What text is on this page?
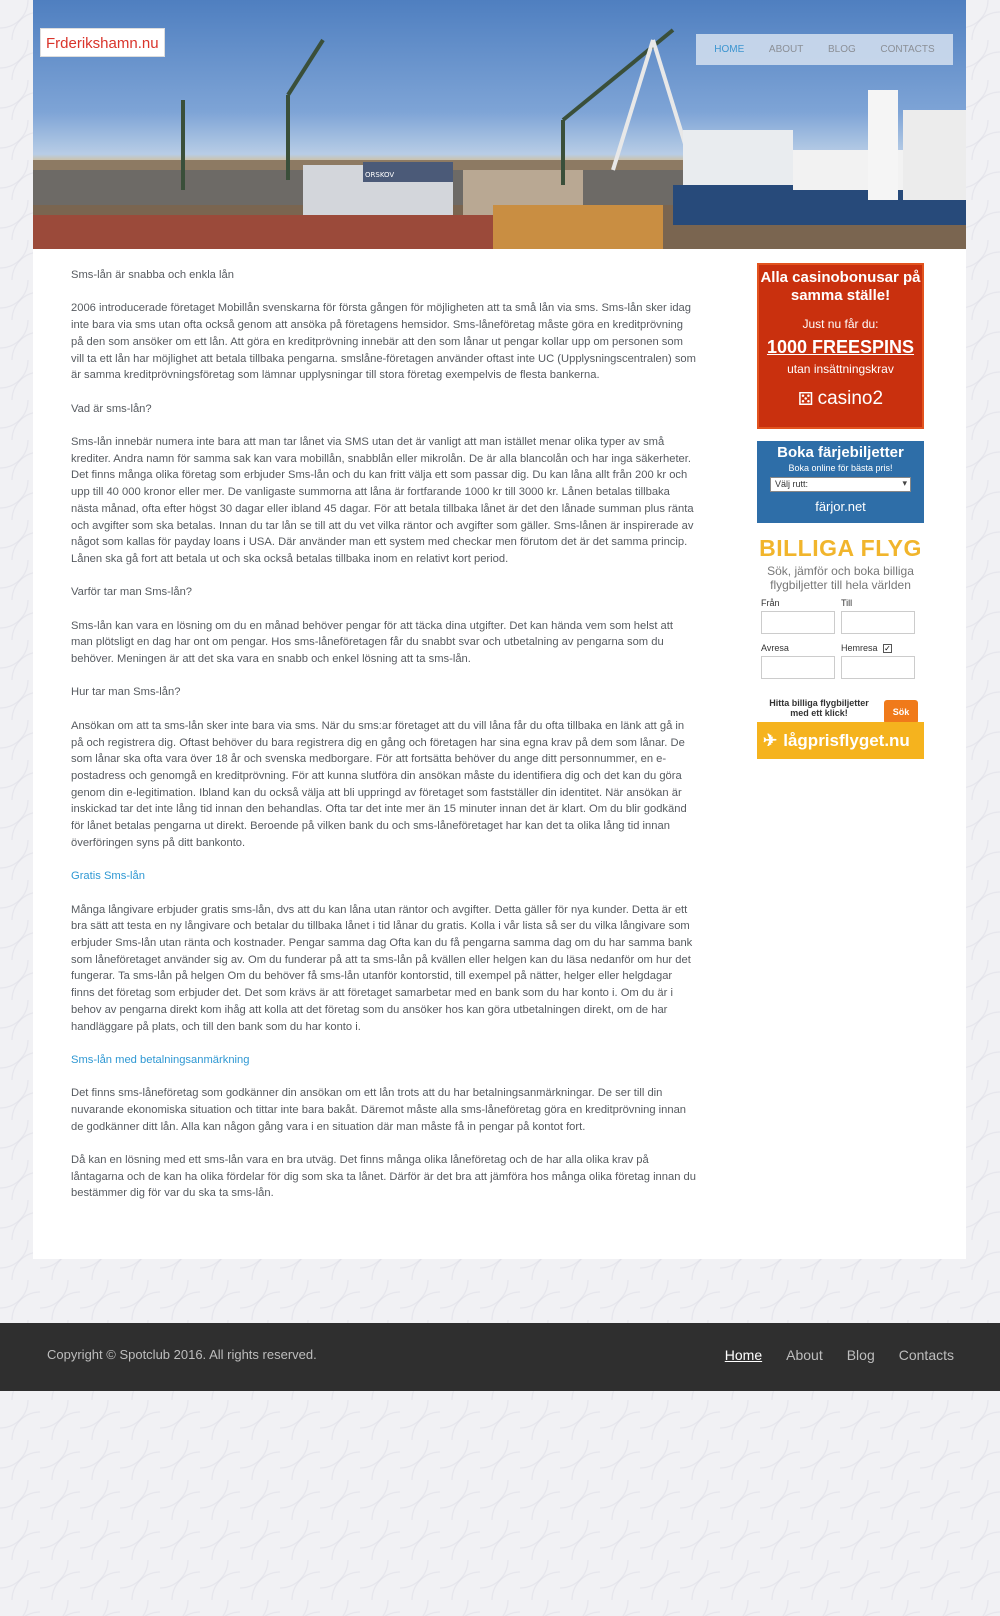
ORSKOV
Frderikshamn.nu	HOME ABOUT BLOG CONTACTS

Sms-lån är snabba och enkla lån

2006 introducerade företaget Mobillån svenskarna för första gången för möjligheten att ta små lån via sms. Sms-lån sker idag inte bara via sms utan ofta också genom att ansöka på företagens hemsidor. Sms-låneföretag måste göra en kreditprövning på den som ansöker om ett lån. Att göra en kreditprövning innebär att den som lånar ut pengar kollar upp om personen som vill ta ett lån har möjlighet att betala tillbaka pengarna. smslåne-företagen använder oftast inte UC (Upplysningscentralen) som är samma kreditprövningsföretag som lämnar upplysningar till stora företag exempelvis de flesta bankerna.

Vad är sms-lån?

Sms-lån innebär numera inte bara att man tar lånet via SMS utan det är vanligt att man istället menar olika typer av små krediter. Andra namn för samma sak kan vara mobillån, snabblån eller mikrolån. De är alla blancolån och har inga säkerheter. Det finns många olika företag som erbjuder Sms-lån och du kan fritt välja ett som passar dig. Du kan låna allt från 200 kr och upp till 40 000 kronor eller mer. De vanligaste summorna att låna är fortfarande 1000 kr till 3000 kr. Lånen betalas tillbaka nästa månad, ofta efter högst 30 dagar eller ibland 45 dagar. För att betala tillbaka lånet är det den lånade summan plus ränta och avgifter som ska betalas. Innan du tar lån se till att du vet vilka räntor och avgifter som gäller. Sms-lånen är inspirerade av något som kallas för payday loans i USA. Där använder man ett system med checkar men förutom det är det samma princip. Lånen ska gå fort att betala ut och ska också betalas tillbaka inom en relativt kort period.

Varför tar man Sms-lån?

Sms-lån kan vara en lösning om du en månad behöver pengar för att täcka dina utgifter. Det kan hända vem som helst att man plötsligt en dag har ont om pengar. Hos sms-låneföretagen får du snabbt svar och utbetalning av pengarna som du behöver. Meningen är att det ska vara en snabb och enkel lösning att ta sms-lån.

Hur tar man Sms-lån?

Ansökan om att ta sms-lån sker inte bara via sms. När du sms:ar företaget att du vill låna får du ofta tillbaka en länk att gå in på och registrera dig. Oftast behöver du bara registrera dig en gång och företagen har sina egna krav på dem som lånar. De som lånar ska ofta vara över 18 år och svenska medborgare. För att fortsätta behöver du ange ditt personnummer, en e-postadress och genomgå en kreditprövning. För att kunna slutföra din ansökan måste du identifiera dig och det kan du göra genom din e-legitimation. Ibland kan du också välja att bli uppringd av företaget som fastställer din identitet. När ansökan är inskickad tar det inte lång tid innan den behandlas. Ofta tar det inte mer än 15 minuter innan det är klart. Om du blir godkänd för lånet betalas pengarna ut direkt. Beroende på vilken bank du och sms-låneföretaget har kan det ta olika lång tid innan överföringen syns på ditt bankonto.

Gratis Sms-lån

Många långivare erbjuder gratis sms-lån, dvs att du kan låna utan räntor och avgifter. Detta gäller för nya kunder. Detta är ett bra sätt att testa en ny långivare och betalar du tillbaka lånet i tid lånar du gratis. Kolla i vår lista så ser du vilka långivare som erbjuder Sms-lån utan ränta och kostnader. Pengar samma dag Ofta kan du få pengarna samma dag om du har samma bank som låneföretaget använder sig av. Om du funderar på att ta sms-lån på kvällen eller helgen kan du läsa nedanför om hur det fungerar. Ta sms-lån på helgen Om du behöver få sms-lån utanför kontorstid, till exempel på nätter, helger eller helgdagar finns det företag som erbjuder det. Det som krävs är att företaget samarbetar med en bank som du har konto i. Om du är i behov av pengarna direkt kom ihåg att kolla att det företag som du ansöker hos kan göra utbetalningen direkt, om de har handläggare på plats, och till den bank som du har konto i.

Sms-lån med betalningsanmärkning

Det finns sms-låneföretag som godkänner din ansökan om ett lån trots att du har betalningsanmärkningar. De ser till din nuvarande ekonomiska situation och tittar inte bara bakåt. Däremot måste alla sms-låneföretag göra en kreditprövning innan de godkänner ditt lån. Alla kan någon gång vara i en situation där man måste få in pengar på kontot fort.

Då kan en lösning med ett sms-lån vara en bra utväg. Det finns många olika låneföretag och de har alla olika krav på låntagarna och de kan ha olika fördelar för dig som ska ta lånet. Därför är det bra att jämföra hos många olika företag innan du bestämmer dig för var du ska ta sms-lån.

Alla casinobonusar på samma ställe!
Just nu får du:
1000 FREESPINS
utan insättningskrav
⚄ casino2
Boka färjebiljetter
Boka online för bästa pris!
Välj rutt: ▾
färjor.net
BILLIGA FLYG
Sök, jämför och boka billiga flygbiljetter till hela världen
Från	Till
Avresa	Hemresa ✓
Hitta billiga flygbiljetter med ett klick!	Sök
✈ lågprisflyget.nu
Copyright © Spotclub 2016. All rights reserved.	Home About Blog Contacts
